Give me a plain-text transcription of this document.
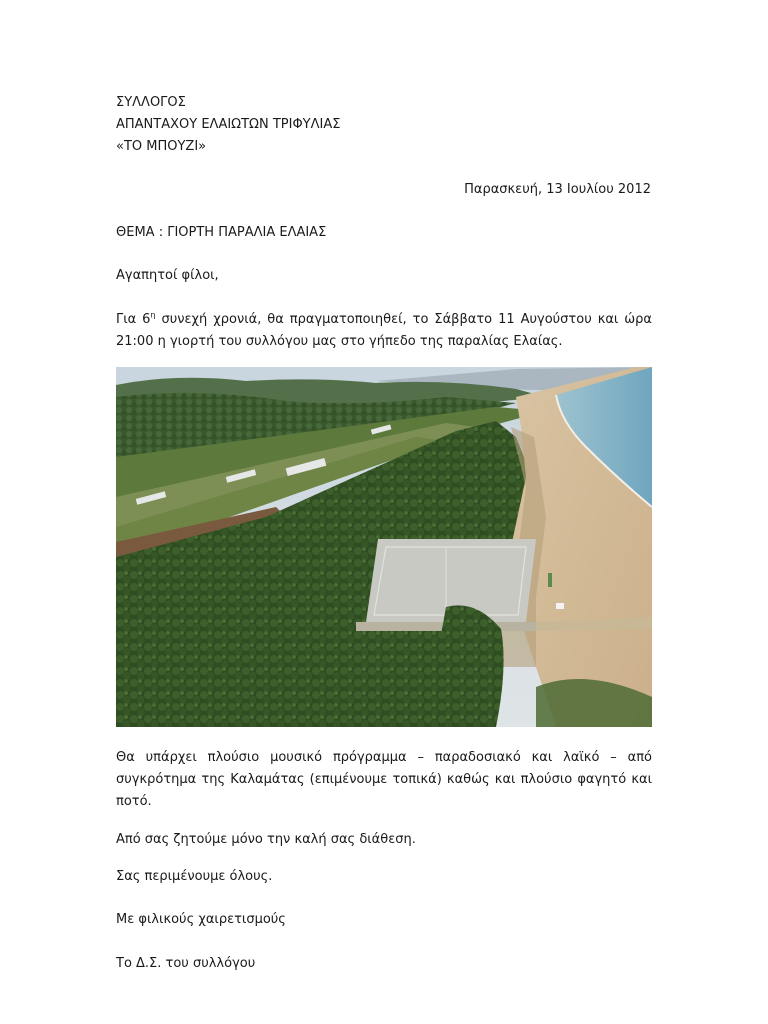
ΣΥΛΛΟΓΟΣ
ΑΠΑΝΤΑΧΟΥ ΕΛΑΙΩΤΩΝ ΤΡΙΦΥΛΙΑΣ
«ΤΟ ΜΠΟΥΖΙ»
Παρασκευή, 13 Ιουλίου 2012
ΘΕΜΑ : ΓΙΟΡΤΗ ΠΑΡΑΛΙΑ ΕΛΑΙΑΣ
Αγαπητοί φίλοι,
Για $6^\eta$ συνεχή χρονιά, θα πραγματοποιηθεί, το Σάββατο 11 Αυγούστου και ώρα
21:00 η γιορτή του συλλόγου μας στο γήπεδο της παραλίας Ελαίας.
Θα υπάρχει πλούσιο μουσικό πρόγραμμα – παραδοσιακό και λαϊκό – από
συγκρότημα της Καλαμάτας (επιμένουμε τοπικά) καθώς και πλούσιο φαγητό και
ποτό.
Από σας ζητούμε μόνο την καλή σας διάθεση.
Σας περιμένουμε όλους.
Με φιλικούς χαιρετισμούς
Το Δ.Σ. του συλλόγου
